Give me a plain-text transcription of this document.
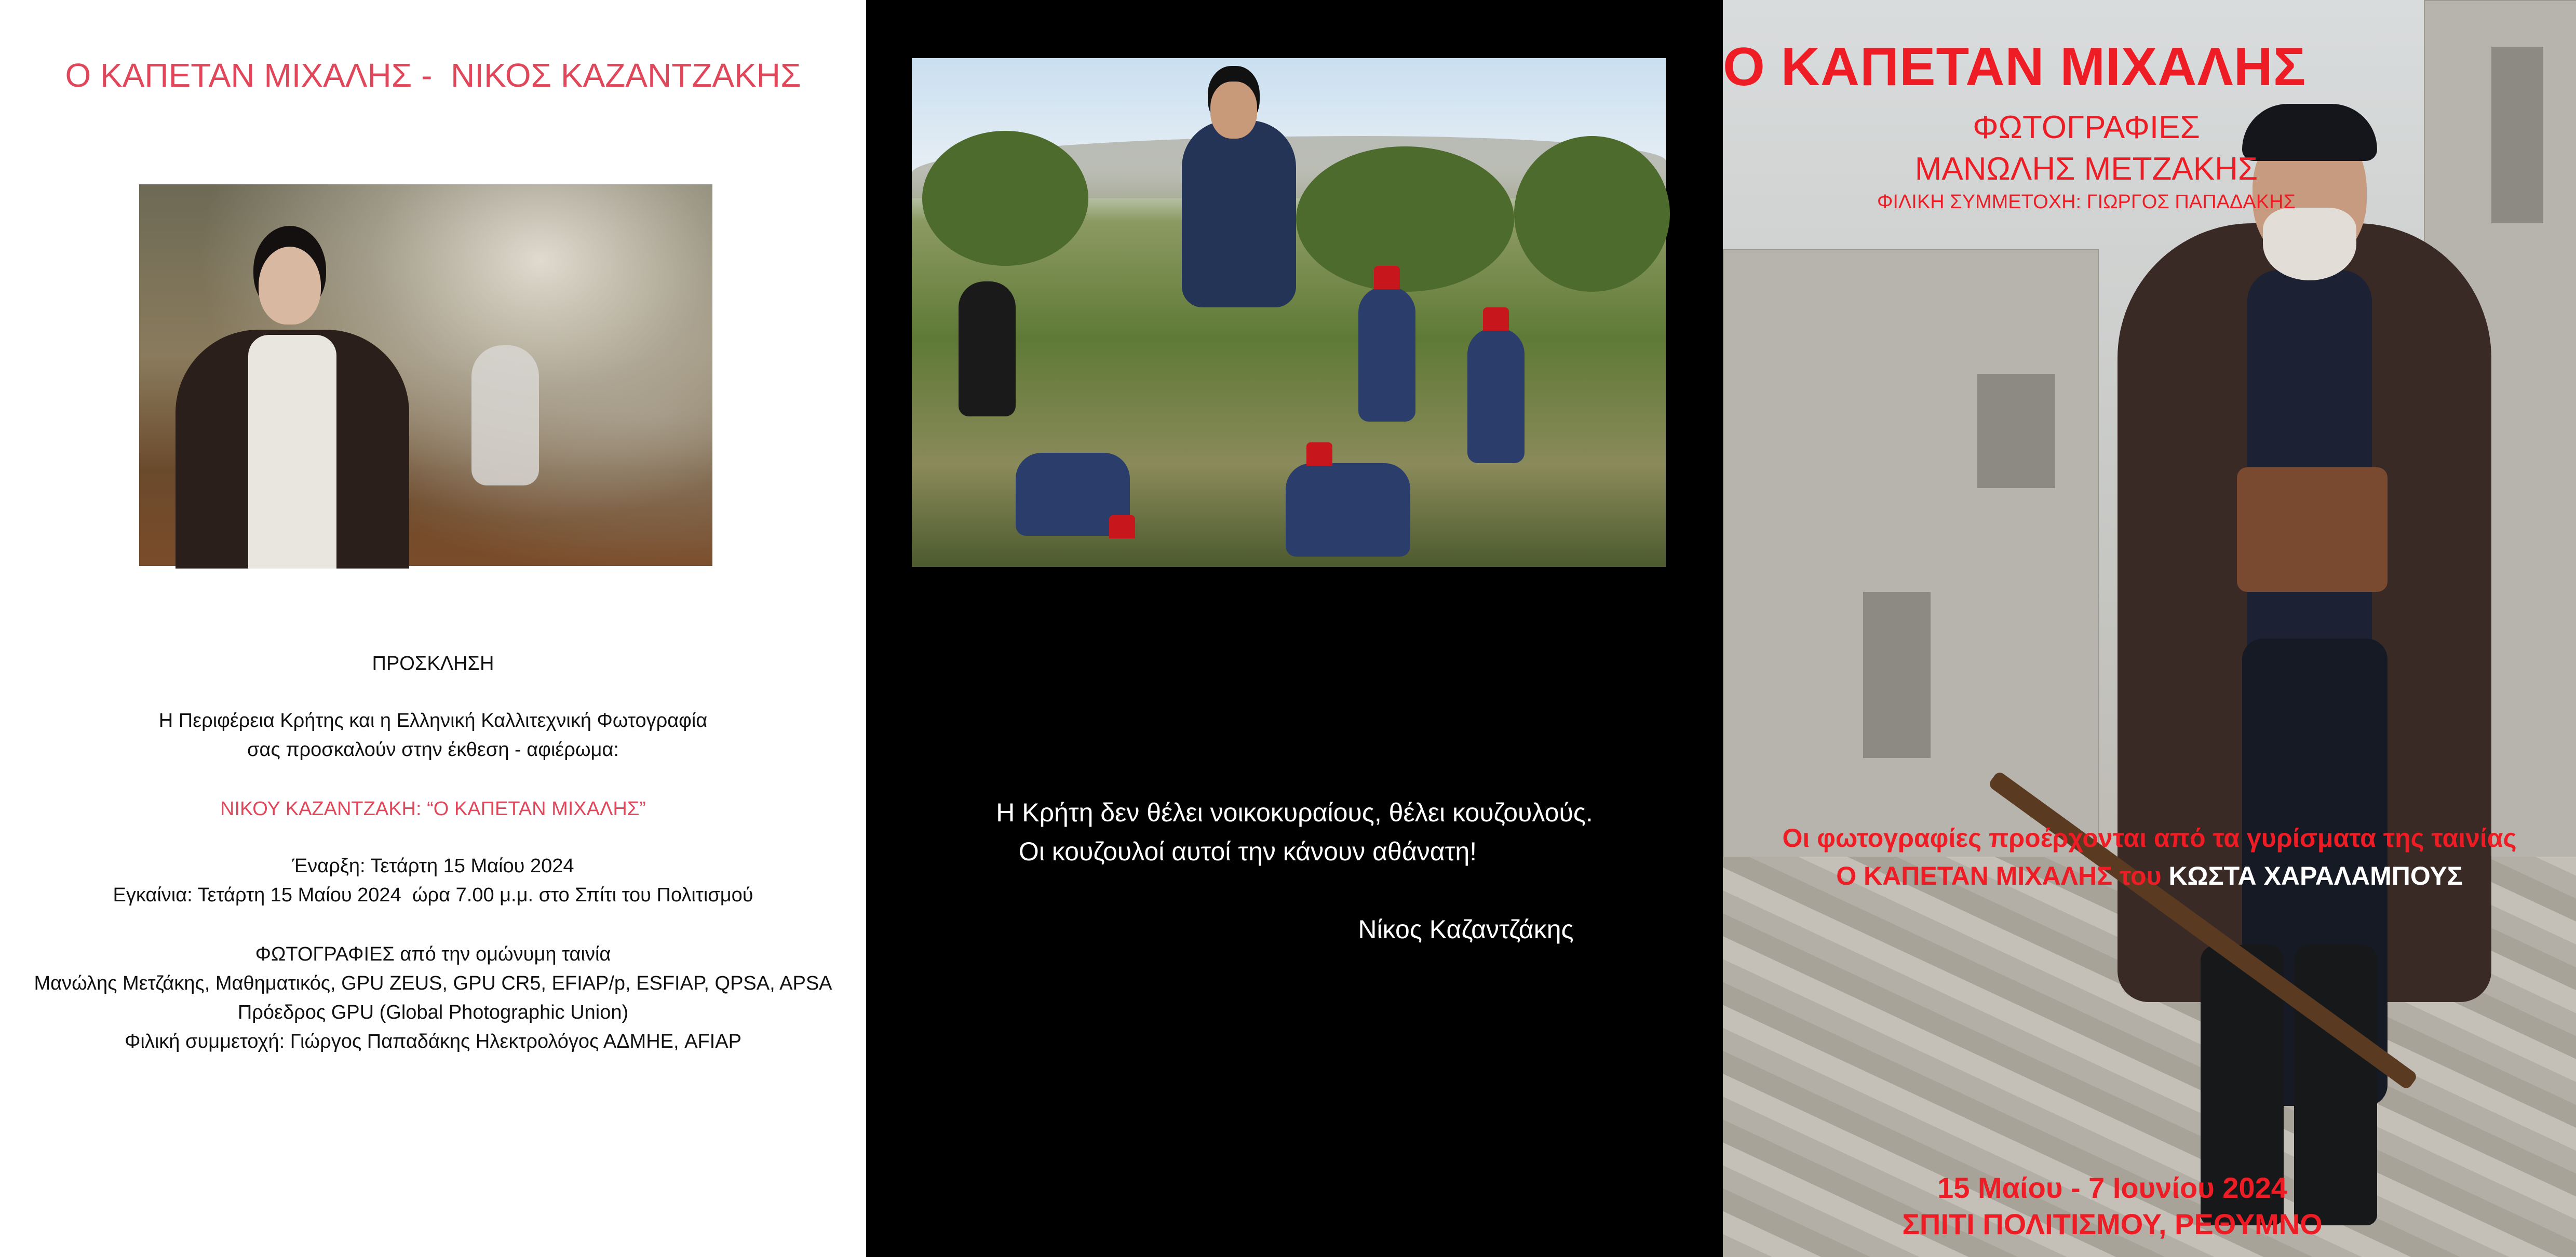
Ο ΚΑΠΕΤΑΝ ΜΙΧΑΛΗΣ -  ΝΙΚΟΣ ΚΑΖΑΝΤΖΑΚΗΣ
ΠΡΟΣΚΛΗΣΗ
Η Περιφέρεια Κρήτης και η Ελληνική Καλλιτεχνική Φωτογραφία
σας προσκαλούν στην έκθεση - αφιέρωμα:
ΝΙΚΟΥ ΚΑΖΑΝΤΖΑΚΗ: “Ο ΚΑΠΕΤΑΝ ΜΙΧΑΛΗΣ”
Έναρξη: Τετάρτη 15 Μαίου 2024
Εγκαίνια: Τετάρτη 15 Μαίου 2024  ώρα 7.00 μ.μ. στο Σπίτι του Πολιτισμού
ΦΩΤΟΓΡΑΦΙΕΣ από την ομώνυμη ταινία
Μανώλης Μετζάκης, Μαθηματικός, GPU ZEUS, GPU CR5, EFIAP/p, ESFIAP, QPSA, APSA
Πρόεδρος GPU (Global Photographic Union)
Φιλική συμμετοχή: Γιώργος Παπαδάκης Ηλεκτρολόγος ΑΔΜΗΕ, AFIAP
Η Κρήτη δεν θέλει νοικοκυραίους, θέλει κουζουλούς.
Οι κουζουλοί αυτοί την κάνουν αθάνατη!
Νίκος Καζαντζάκης
Ο ΚΑΠΕΤΑΝ ΜΙΧΑΛΗΣ
ΦΩΤΟΓΡΑΦΙΕΣ
ΜΑΝΩΛΗΣ ΜΕΤΖΑΚΗΣ
ΦΙΛΙΚΗ ΣΥΜΜΕΤΟΧΗ: ΓΙΩΡΓΟΣ ΠΑΠΑΔΑΚΗΣ
Οι φωτογραφίες προέρχονται από τα γυρίσματα της ταινίας
Ο ΚΑΠΕΤΑΝ ΜΙΧΑΛΗΣ του ΚΩΣΤΑ ΧΑΡΑΛΑΜΠΟΥΣ
15 Μαίου - 7 Ιουνίου 2024
ΣΠΙΤΙ ΠΟΛΙΤΙΣΜΟΥ, ΡΕΘΥΜΝΟ
